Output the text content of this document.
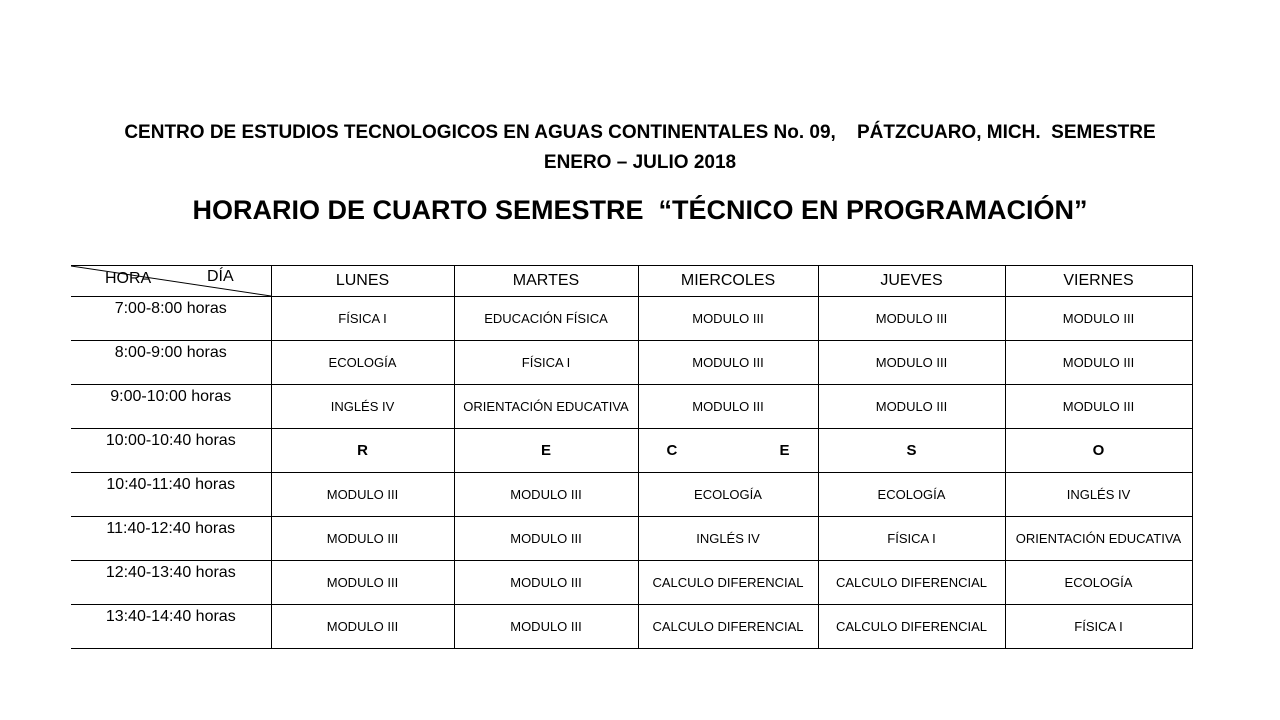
CENTRO DE ESTUDIOS TECNOLOGICOS EN AGUAS CONTINENTALES No. 09,    PÁTZCUARO, MICH.  SEMESTRE
ENERO – JULIO 2018
HORARIO DE CUARTO SEMESTRE  “TÉCNICO EN PROGRAMACIÓN”
HORA DÍA	LUNES	MARTES	MIERCOLES	JUEVES	VIERNES
7:00-8:00 horas	FÍSICA I	EDUCACIÓN FÍSICA	MODULO III	MODULO III	MODULO III
8:00-9:00 horas	ECOLOGÍA	FÍSICA I	MODULO III	MODULO III	MODULO III
9:00-10:00 horas	INGLÉS IV	ORIENTACIÓN EDUCATIVA	MODULO III	MODULO III	MODULO III
10:00-10:40 horas	R	E	C E	S	O
10:40-11:40 horas	MODULO III	MODULO III	ECOLOGÍA	ECOLOGÍA	INGLÉS IV
11:40-12:40 horas	MODULO III	MODULO III	INGLÉS IV	FÍSICA I	ORIENTACIÓN EDUCATIVA
12:40-13:40 horas	MODULO III	MODULO III	CALCULO DIFERENCIAL	CALCULO DIFERENCIAL	ECOLOGÍA
13:40-14:40 horas	MODULO III	MODULO III	CALCULO DIFERENCIAL	CALCULO DIFERENCIAL	FÍSICA I
